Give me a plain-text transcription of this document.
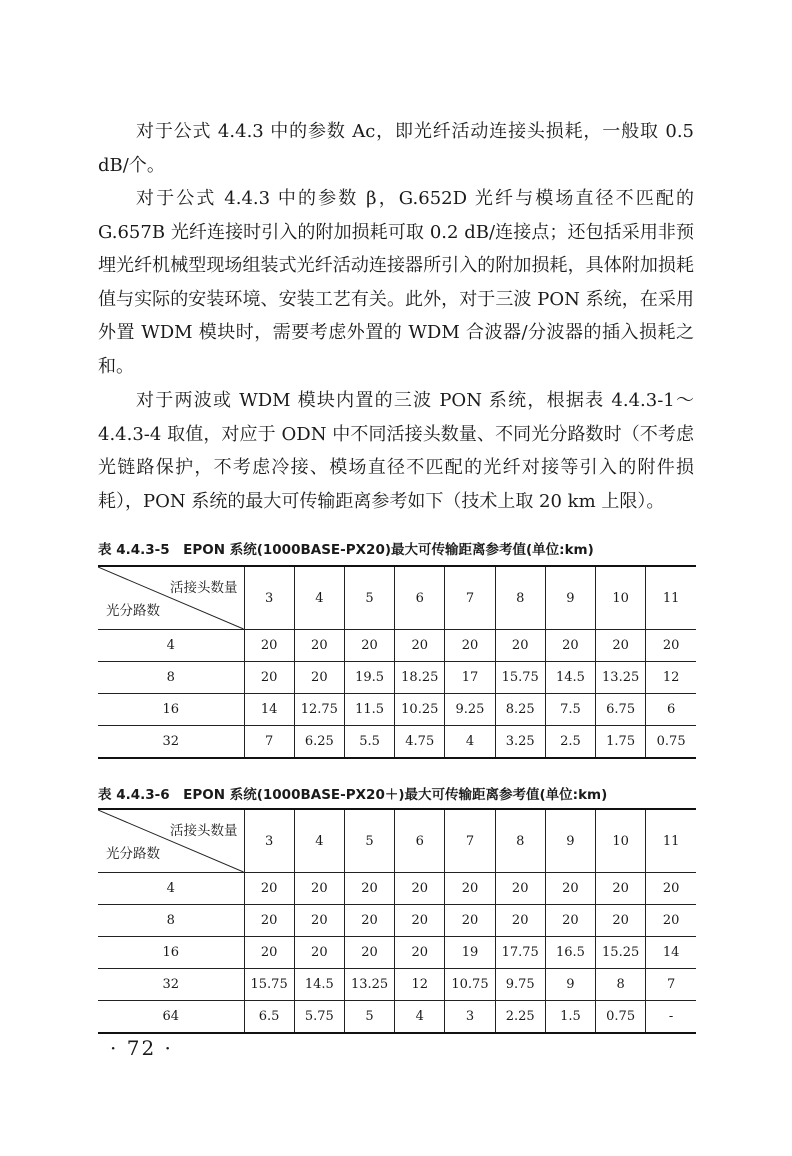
对于公式 4.4.3 中的参数 Ac，即光纤活动连接头损耗，一般取 0.5 dB/个。

对于公式 4.4.3 中的参数 β，G.652D 光纤与模场直径不匹配的 G.657B 光纤连接时引入的附加损耗可取 0.2 dB/连接点；还包括采用非预埋光纤机械型现场组装式光纤活动连接器所引入的附加损耗，具体附加损耗值与实际的安装环境、安装工艺有关。此外，对于三波 PON 系统，在采用外置 WDM 模块时，需要考虑外置的 WDM 合波器/分波器的插入损耗之和。

对于两波或 WDM 模块内置的三波 PON 系统，根据表 4.4.3-1～4.4.3-4 取值，对应于 ODN 中不同活接头数量、不同光分路数时（不考虑光链路保护，不考虑冷接、模场直径不匹配的光纤对接等引入的附件损耗），PON 系统的最大可传输距离参考如下（技术上取 20 km 上限）。

表 4.4.3-5　EPON 系统(1000BASE-PX20)最大可传输距离参考值(单位:km)
活接头数量
光分路数	3	4	5	6	7	8	9	10	11
4	20	20	20	20	20	20	20	20	20
8	20	20	19.5	18.25	17	15.75	14.5	13.25	12
16	14	12.75	11.5	10.25	9.25	8.25	7.5	6.75	6
32	7	6.25	5.5	4.75	4	3.25	2.5	1.75	0.75
表 4.4.3-6　EPON 系统(1000BASE-PX20＋)最大可传输距离参考值(单位:km)
活接头数量
光分路数	3	4	5	6	7	8	9	10	11
4	20	20	20	20	20	20	20	20	20
8	20	20	20	20	20	20	20	20	20
16	20	20	20	20	19	17.75	16.5	15.25	14
32	15.75	14.5	13.25	12	10.75	9.75	9	8	7
64	6.5	5.75	5	4	3	2.25	1.5	0.75	-
· 72 ·
